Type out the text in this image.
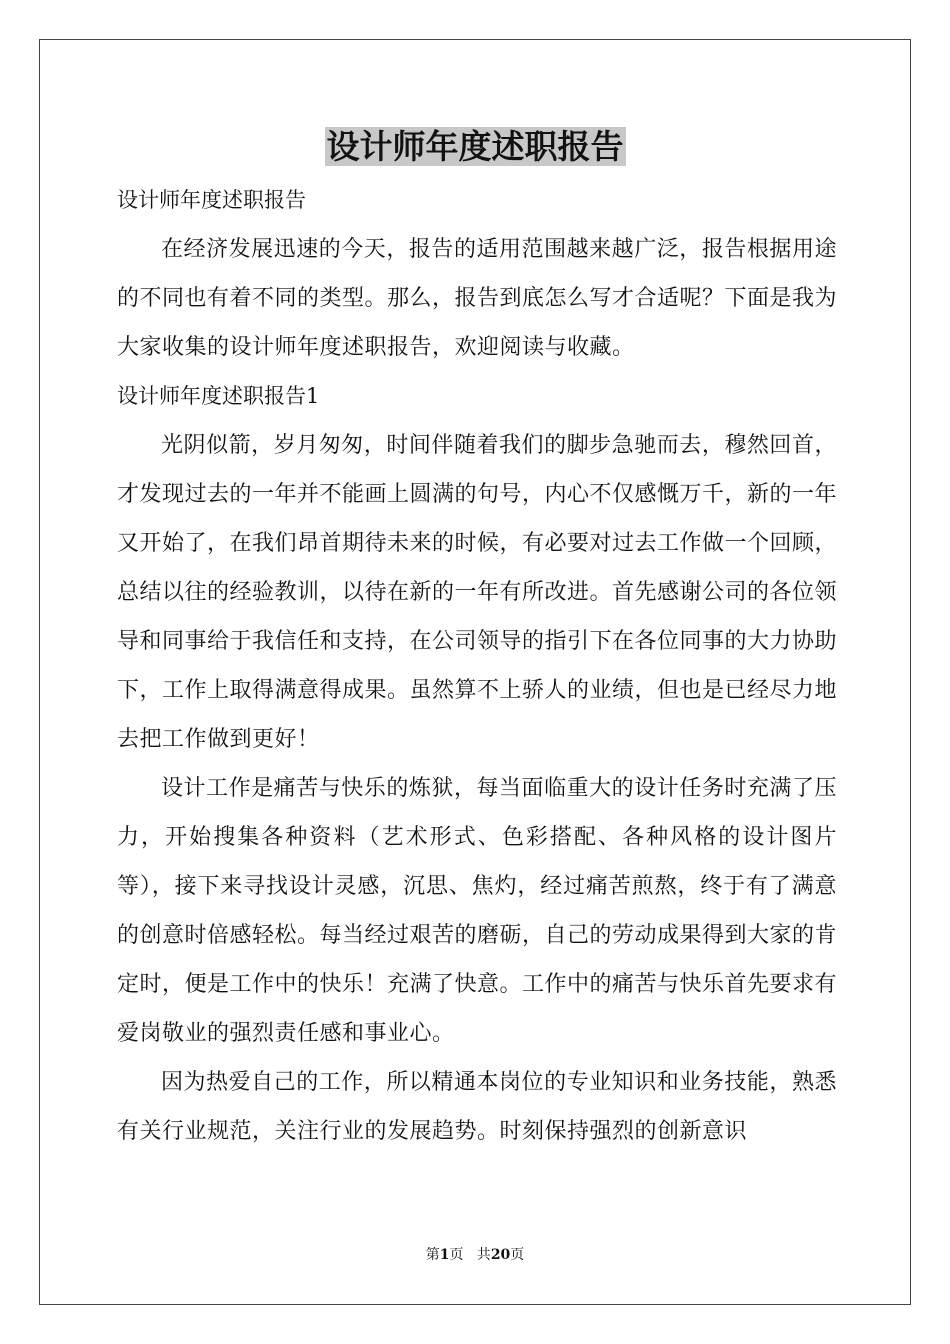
设计师年度述职报告

设计师年度述职报告

在经济发展迅速的今天，报告的适用范围越来越广泛，报告根据用途的不同也有着不同的类型。那么，报告到底怎么写才合适呢？下面是我为大家收集的设计师年度述职报告，欢迎阅读与收藏。

设计师年度述职报告1

光阴似箭，岁月匆匆，时间伴随着我们的脚步急驰而去，穆然回首，才发现过去的一年并不能画上圆满的句号，内心不仅感慨万千，新的一年又开始了，在我们昂首期待未来的时候，有必要对过去工作做一个回顾，总结以往的经验教训，以待在新的一年有所改进。首先感谢公司的各位领导和同事给于我信任和支持，在公司领导的指引下在各位同事的大力协助下，工作上取得满意得成果。虽然算不上骄人的业绩，但也是已经尽力地去把工作做到更好！

设计工作是痛苦与快乐的炼狱，每当面临重大的设计任务时充满了压力，开始搜集各种资料（艺术形式、色彩搭配、各种风格的设计图片等），接下来寻找设计灵感，沉思、焦灼，经过痛苦煎熬，终于有了满意的创意时倍感轻松。每当经过艰苦的磨砺，自己的劳动成果得到大家的肯定时，便是工作中的快乐！充满了快意。工作中的痛苦与快乐首先要求有爱岗敬业的强烈责任感和事业心。

因为热爱自己的工作，所以精通本岗位的专业知识和业务技能，熟悉有关行业规范，关注行业的发展趋势。时刻保持强烈的创新意识

第1页   共20页
